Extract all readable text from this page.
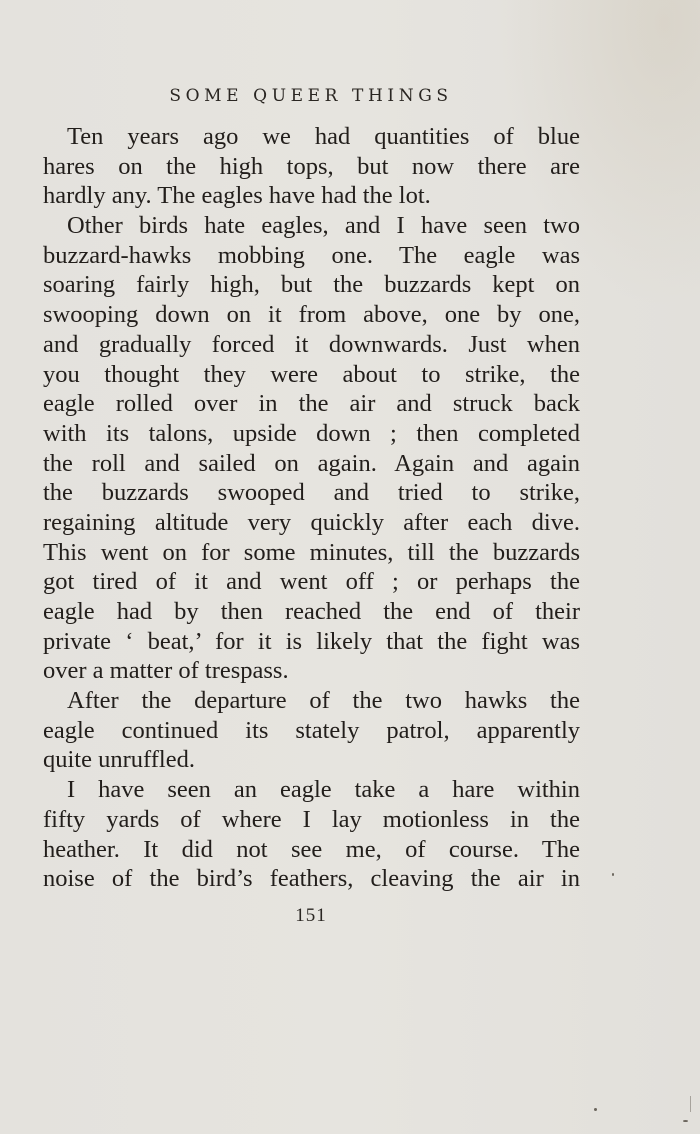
SOME QUEER THINGS
Ten years ago we had quantities of blue
hares on the high tops, but now there are
hardly any. The eagles have had the lot.
Other birds hate eagles, and I have seen two
buzzard-hawks mobbing one. The eagle was
soaring fairly high, but the buzzards kept on
swooping down on it from above, one by one,
and gradually forced it downwards. Just when
you thought they were about to strike, the
eagle rolled over in the air and struck back
with its talons, upside down ; then completed
the roll and sailed on again. Again and again
the buzzards swooped and tried to strike,
regaining altitude very quickly after each dive.
This went on for some minutes, till the buzzards
got tired of it and went off ; or perhaps the
eagle had by then reached the end of their
private ‘ beat,’ for it is likely that the fight was
over a matter of trespass.
After the departure of the two hawks the
eagle continued its stately patrol, apparently
quite unruffled.
I have seen an eagle take a hare within
fifty yards of where I lay motionless in the
heather. It did not see me, of course. The
noise of the bird’s feathers, cleaving the air in
151
